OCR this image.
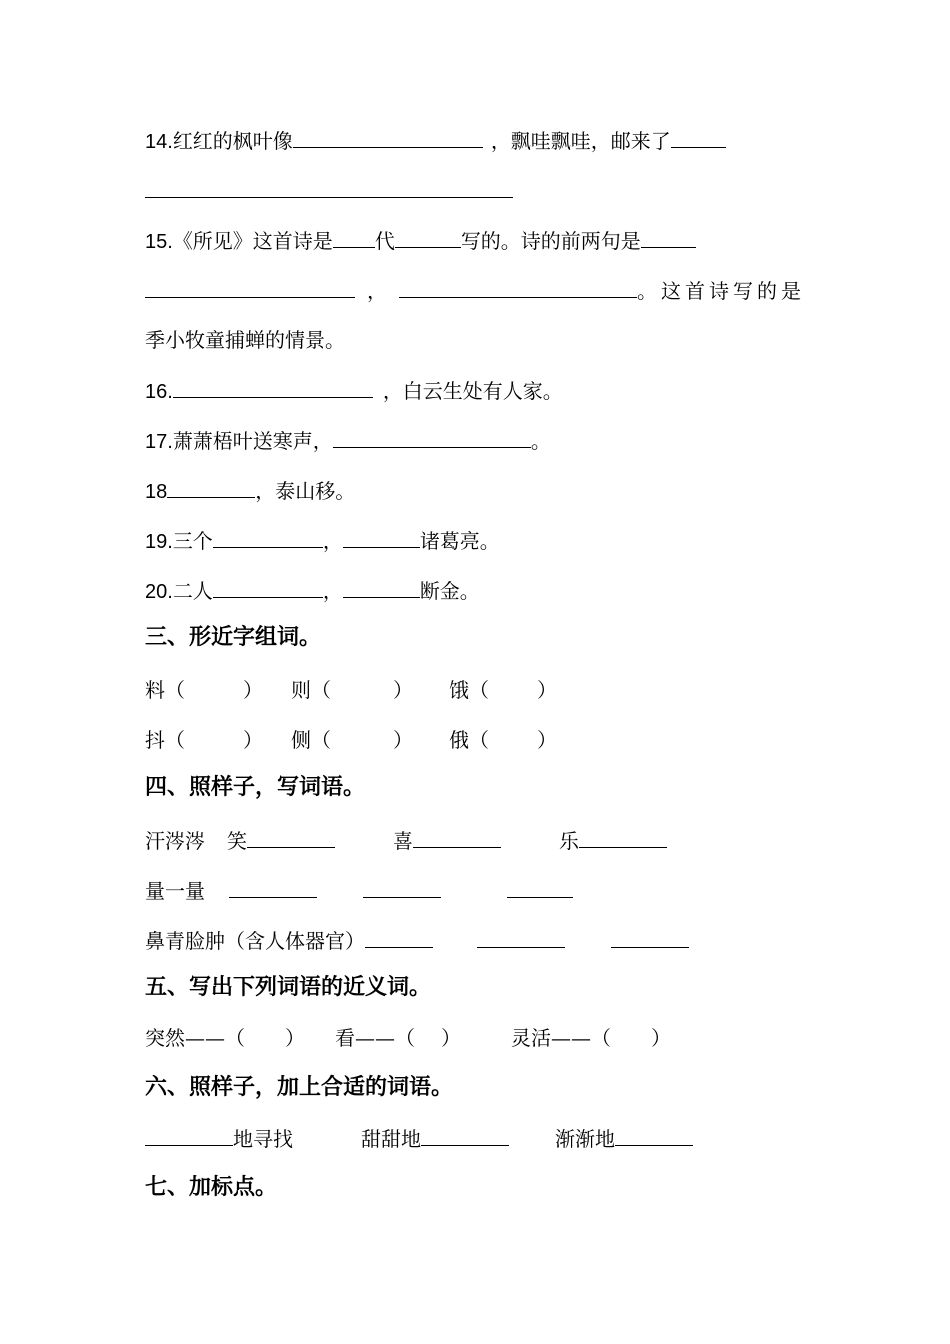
14.红红的枫叶像	，飘哇飘哇，邮来了
15.《所见》这首诗是 代	写的。诗的前两句是
，	。这首诗写的是
季小牧童捕蝉的情景。
16.	，白云生处有人家。
17.萧萧梧叶送寒声，	。
18	，泰山移。
19.三个	，	诸葛亮。
20.二人	，	断金。
三、形近字组词。
料（	） 则（	） 饿（ ）
抖（	） 侧（	） 俄（ ）
四、照样子，写词语。
汗涔涔 笑	喜	乐
量一量
鼻青脸肿（含人体器官）
五、写出下列词语的近义词。
突然——（ ） 看——（ ）	灵活——（ ）
六、照样子，加上合适的词语。
地寻找	甜甜地	渐渐地
七、加标点。
